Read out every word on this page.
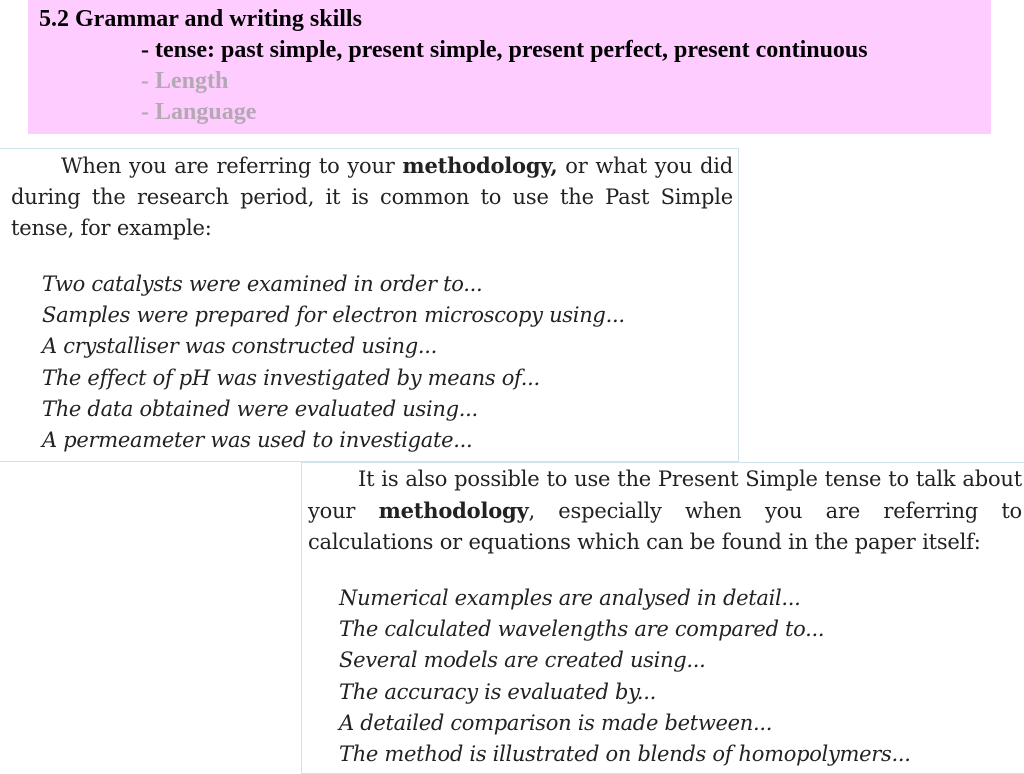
5.2 Grammar and writing skills
- tense: past simple, present simple, present perfect, present continuous
- Length
- Language
When you are referring to your methodology, or what you did during the research period, it is common to use the Past Simple tense, for example:
Two catalysts were examined in order to...
Samples were prepared for electron microscopy using...
A crystalliser was constructed using...
The effect of pH was investigated by means of...
The data obtained were evaluated using...
A permeameter was used to investigate...
It is also possible to use the Present Simple tense to talk about your methodology, especially when you are referring to calculations or equations which can be found in the paper itself:
Numerical examples are analysed in detail...
The calculated wavelengths are compared to...
Several models are created using...
The accuracy is evaluated by...
A detailed comparison is made between...
The method is illustrated on blends of homopolymers...
